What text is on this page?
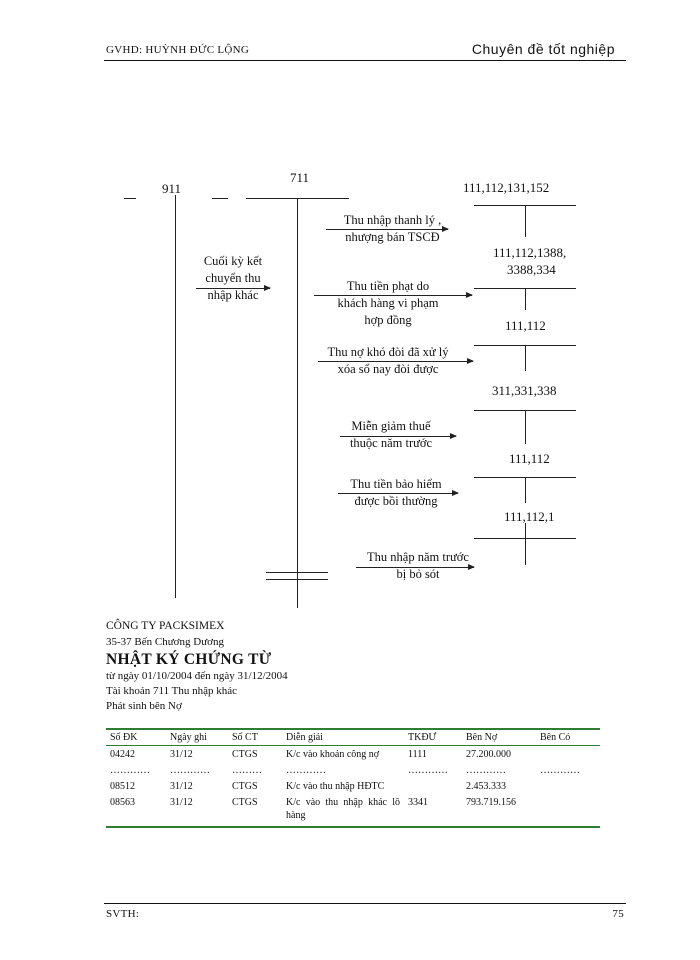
GVHD: HUỲNH ĐỨC LỘNG	Chuyên đề tốt nghiệp
911
711
Cuối kỳ kết
chuyển thu
nhập khác
111,112,131,152
111,112,1388,
3388,334
111,112
311,331,338
111,112
111,112,1
Thu nhập thanh lý ,
nhượng bán TSCĐ
Thu tiền phạt do
khách hàng vi phạm
hợp đồng
Thu nợ khó đòi đã xử lý
xóa sổ nay đòi được
Miễn giảm thuế
thuộc năm trước
Thu tiền bảo hiểm
được bồi thường
Thu nhập năm trước
bị bỏ sót
CÔNG TY PACKSIMEX
35-37 Bến Chương Dương
NHẬT KÝ CHỨNG TỪ
từ ngày 01/10/2004 đến ngày 31/12/2004
Tài khoản 711 Thu nhập khác
Phát sinh bên Nợ
Số ĐK	Ngày ghi	Số CT	Diễn giải	TKĐƯ	Bên Nợ	Bên Có
04242	31/12	CTGS	K/c vào khoản công nợ	1111	27.200.000	
…………	…………	………	…………	…………	…………	…………
08512	31/12	CTGS	K/c vào thu nhập HĐTC		2.453.333	
08563	31/12	CTGS	K/c vào thu nhập khác lô hàng	3341	793.719.156	
SVTH:	75
